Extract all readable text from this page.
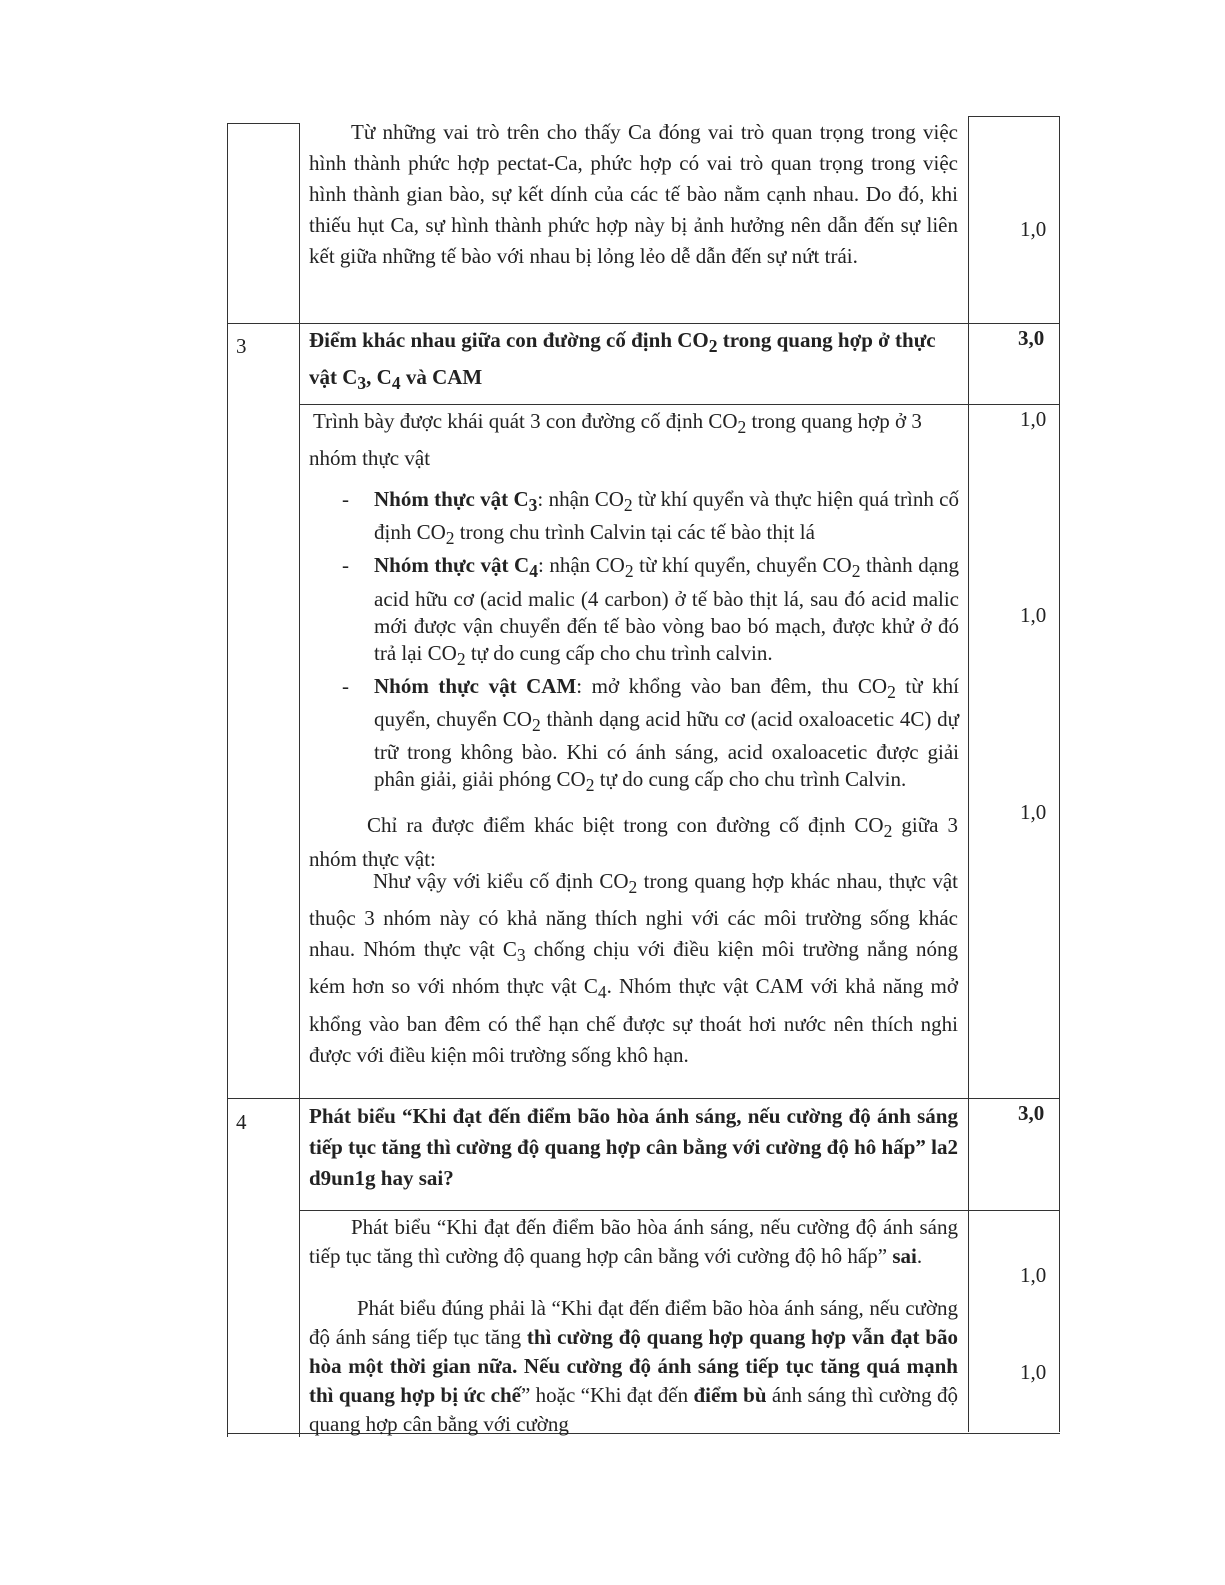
Từ những vai trò trên cho thấy Ca đóng vai trò quan trọng trong việc hình thành phức hợp pectat-Ca, phức hợp có vai trò quan trọng trong việc hình thành gian bào, sự kết dính của các tế bào nằm cạnh nhau. Do đó, khi thiếu hụt Ca, sự hình thành phức hợp này bị ảnh hưởng nên dẫn đến sự liên kết giữa những tế bào với nhau bị lỏng lẻo dễ dẫn đến sự nứt trái.

1,0
3	Điểm khác nhau giữa con đường cố định $CO_2$ trong quang hợp ở thực vật $C_3$, $C_4$ và CAM
3,0
Trình bày được khái quát 3 con đường cố định $CO_2$ trong quang hợp ở 3 nhóm thực vật
1,0

- Nhóm thực vật $C_3$: nhận $CO_2$ từ khí quyển và thực hiện quá trình cố định $CO_2$ trong chu trình Calvin tại các tế bào thịt lá

- Nhóm thực vật $C_4$: nhận $CO_2$ từ khí quyển, chuyển $CO_2$ thành dạng acid hữu cơ (acid malic (4 carbon) ở tế bào thịt lá, sau đó acid malic mới được vận chuyển đến tế bào vòng bao bó mạch, được khử ở đó trả lại $CO_2$ tự do cung cấp cho chu trình calvin.

- Nhóm thực vật CAM: mở khổng vào ban đêm, thu $CO_2$ từ khí quyển, chuyển $CO_2$ thành dạng acid hữu cơ (acid oxaloacetic 4C) dự trữ trong không bào. Khi có ánh sáng, acid oxaloacetic được giải phân giải, giải phóng $CO_2$ tự do cung cấp cho chu trình Calvin.

1,0

Chỉ ra được điểm khác biệt trong con đường cố định $CO_2$ giữa 3 nhóm thực vật:

1,0

Như vậy với kiểu cố định $CO_2$ trong quang hợp khác nhau, thực vật thuộc 3 nhóm này có khả năng thích nghi với các môi trường sống khác nhau. Nhóm thực vật $C_3$ chống chịu với điều kiện môi trường nắng nóng kém hơn so với nhóm thực vật $C_4$. Nhóm thực vật CAM với khả năng mở khổng vào ban đêm có thể hạn chế được sự thoát hơi nước nên thích nghi được với điều kiện môi trường sống khô hạn.

4	Phát biểu “Khi đạt đến điểm bão hòa ánh sáng, nếu cường độ ánh sáng tiếp tục tăng thì cường độ quang hợp cân bằng với cường độ hô hấp” la2 d9un1g hay sai?
3,0

Phát biểu “Khi đạt đến điểm bão hòa ánh sáng, nếu cường độ ánh sáng tiếp tục tăng thì cường độ quang hợp cân bằng với cường độ hô hấp” sai.

1,0

Phát biểu đúng phải là “Khi đạt đến điểm bão hòa ánh sáng, nếu cường độ ánh sáng tiếp tục tăng thì cường độ quang hợp quang hợp vẫn đạt bão hòa một thời gian nữa. Nếu cường độ ánh sáng tiếp tục tăng quá mạnh thì quang hợp bị ức chế” hoặc “Khi đạt đến điểm bù ánh sáng thì cường độ quang hợp cân bằng với cường

1,0
